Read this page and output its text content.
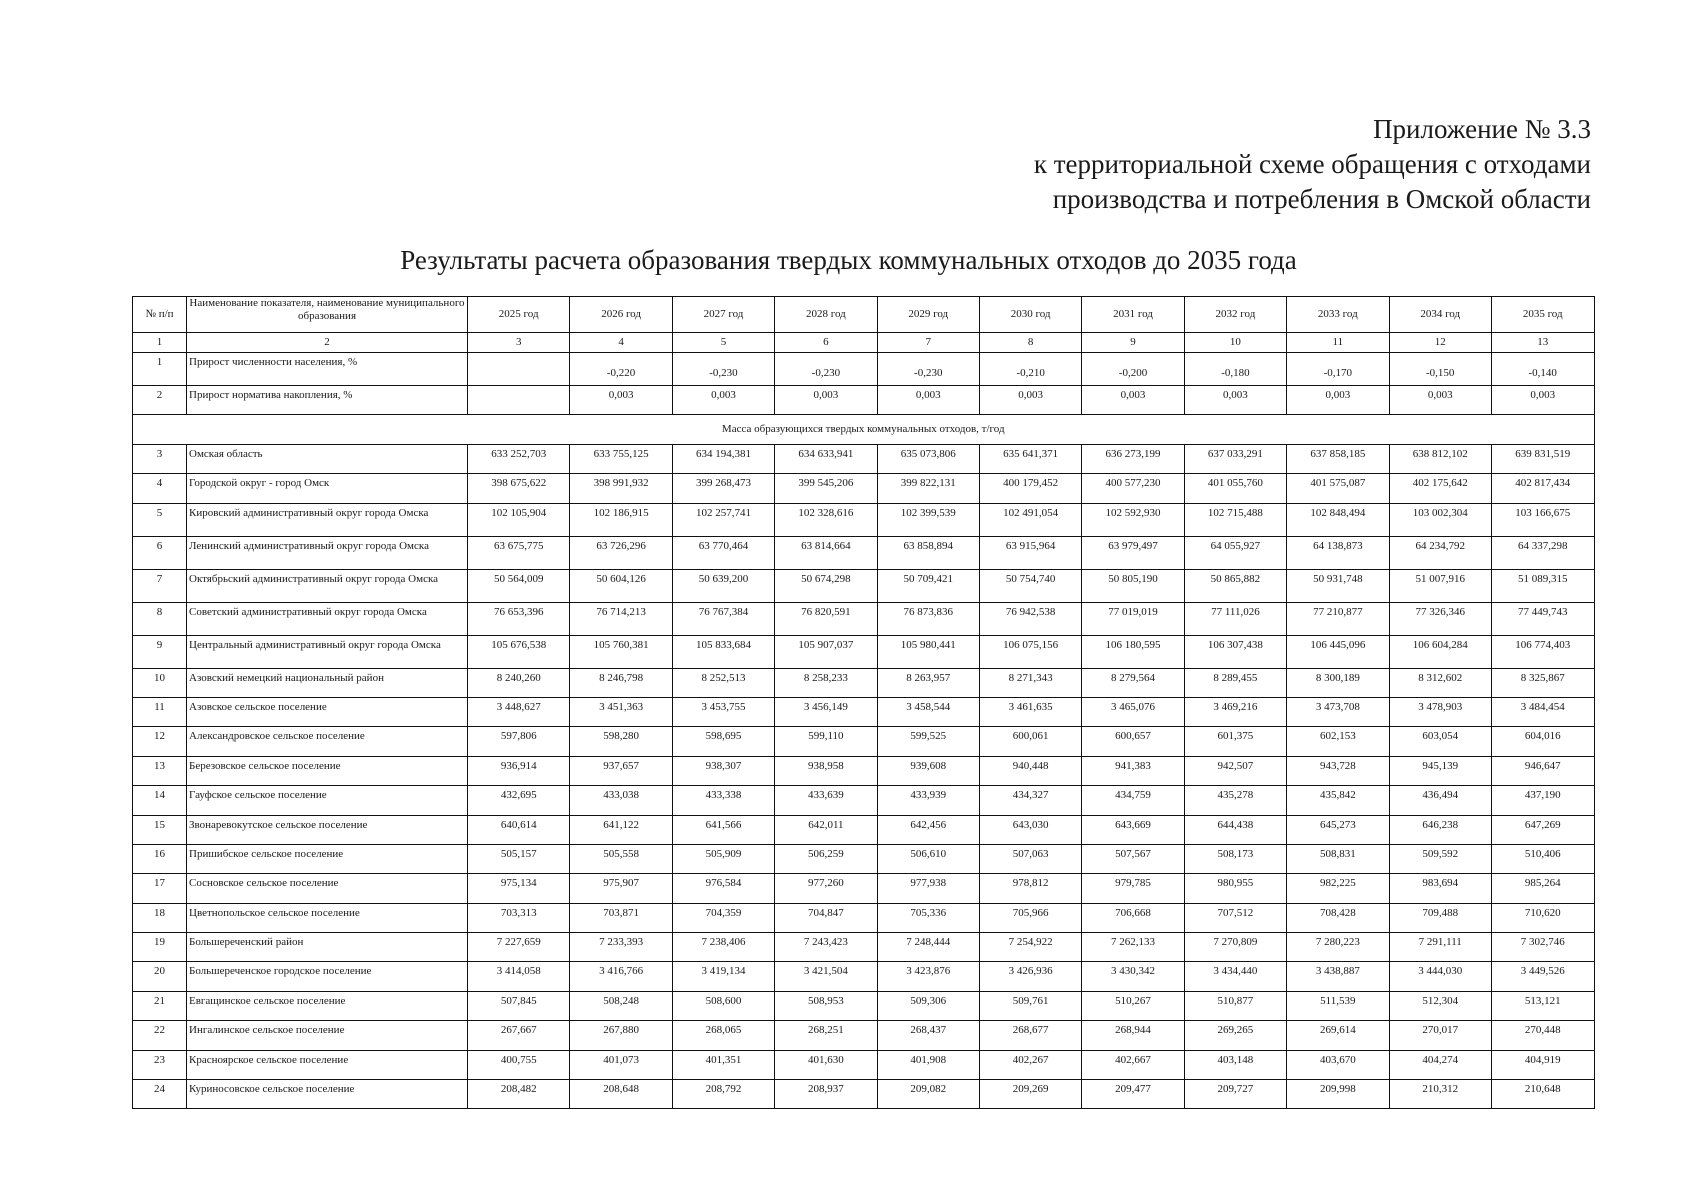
Приложение № 3.3
к территориальной схеме обращения с отходами
производства и потребления в Омской области
Результаты расчета образования твердых коммунальных отходов до 2035 года
№ п/п	Наименование показателя, наименование муниципального образования	2025 год	2026 год	2027 год	2028 год	2029 год	2030 год	2031 год	2032 год	2033 год	2034 год	2035 год
1	2	3	4	5	6	7	8	9	10	11	12	13
1	Прирост численности населения, %		-0,220	-0,230	-0,230	-0,230	-0,210	-0,200	-0,180	-0,170	-0,150	-0,140
2	Прирост норматива накопления, %		0,003	0,003	0,003	0,003	0,003	0,003	0,003	0,003	0,003	0,003
Масса образующихся твердых коммунальных отходов, т/год												
3	Омская область	633 252,703	633 755,125	634 194,381	634 633,941	635 073,806	635 641,371	636 273,199	637 033,291	637 858,185	638 812,102	639 831,519
4	Городской округ - город Омск	398 675,622	398 991,932	399 268,473	399 545,206	399 822,131	400 179,452	400 577,230	401 055,760	401 575,087	402 175,642	402 817,434
5	Кировский административный округ города Омска	102 105,904	102 186,915	102 257,741	102 328,616	102 399,539	102 491,054	102 592,930	102 715,488	102 848,494	103 002,304	103 166,675
6	Ленинский административный округ города Омска	63 675,775	63 726,296	63 770,464	63 814,664	63 858,894	63 915,964	63 979,497	64 055,927	64 138,873	64 234,792	64 337,298
7	Октябрьский административный округ города Омска	50 564,009	50 604,126	50 639,200	50 674,298	50 709,421	50 754,740	50 805,190	50 865,882	50 931,748	51 007,916	51 089,315
8	Советский административный округ города Омска	76 653,396	76 714,213	76 767,384	76 820,591	76 873,836	76 942,538	77 019,019	77 111,026	77 210,877	77 326,346	77 449,743
9	Центральный административный округ города Омска	105 676,538	105 760,381	105 833,684	105 907,037	105 980,441	106 075,156	106 180,595	106 307,438	106 445,096	106 604,284	106 774,403
10	Азовский немецкий национальный район	8 240,260	8 246,798	8 252,513	8 258,233	8 263,957	8 271,343	8 279,564	8 289,455	8 300,189	8 312,602	8 325,867
11	Азовское сельское поселение	3 448,627	3 451,363	3 453,755	3 456,149	3 458,544	3 461,635	3 465,076	3 469,216	3 473,708	3 478,903	3 484,454
12	Александровское сельское поселение	597,806	598,280	598,695	599,110	599,525	600,061	600,657	601,375	602,153	603,054	604,016
13	Березовское сельское поселение	936,914	937,657	938,307	938,958	939,608	940,448	941,383	942,507	943,728	945,139	946,647
14	Гауфское сельское поселение	432,695	433,038	433,338	433,639	433,939	434,327	434,759	435,278	435,842	436,494	437,190
15	Звонаревокутское сельское поселение	640,614	641,122	641,566	642,011	642,456	643,030	643,669	644,438	645,273	646,238	647,269
16	Пришибское сельское поселение	505,157	505,558	505,909	506,259	506,610	507,063	507,567	508,173	508,831	509,592	510,406
17	Сосновское сельское поселение	975,134	975,907	976,584	977,260	977,938	978,812	979,785	980,955	982,225	983,694	985,264
18	Цветнопольское сельское поселение	703,313	703,871	704,359	704,847	705,336	705,966	706,668	707,512	708,428	709,488	710,620
19	Большереченский район	7 227,659	7 233,393	7 238,406	7 243,423	7 248,444	7 254,922	7 262,133	7 270,809	7 280,223	7 291,111	7 302,746
20	Большереченское городское поселение	3 414,058	3 416,766	3 419,134	3 421,504	3 423,876	3 426,936	3 430,342	3 434,440	3 438,887	3 444,030	3 449,526
21	Евгащинское сельское поселение	507,845	508,248	508,600	508,953	509,306	509,761	510,267	510,877	511,539	512,304	513,121
22	Ингалинское сельское поселение	267,667	267,880	268,065	268,251	268,437	268,677	268,944	269,265	269,614	270,017	270,448
23	Красноярское сельское поселение	400,755	401,073	401,351	401,630	401,908	402,267	402,667	403,148	403,670	404,274	404,919
24	Куриносовское сельское поселение	208,482	208,648	208,792	208,937	209,082	209,269	209,477	209,727	209,998	210,312	210,648
